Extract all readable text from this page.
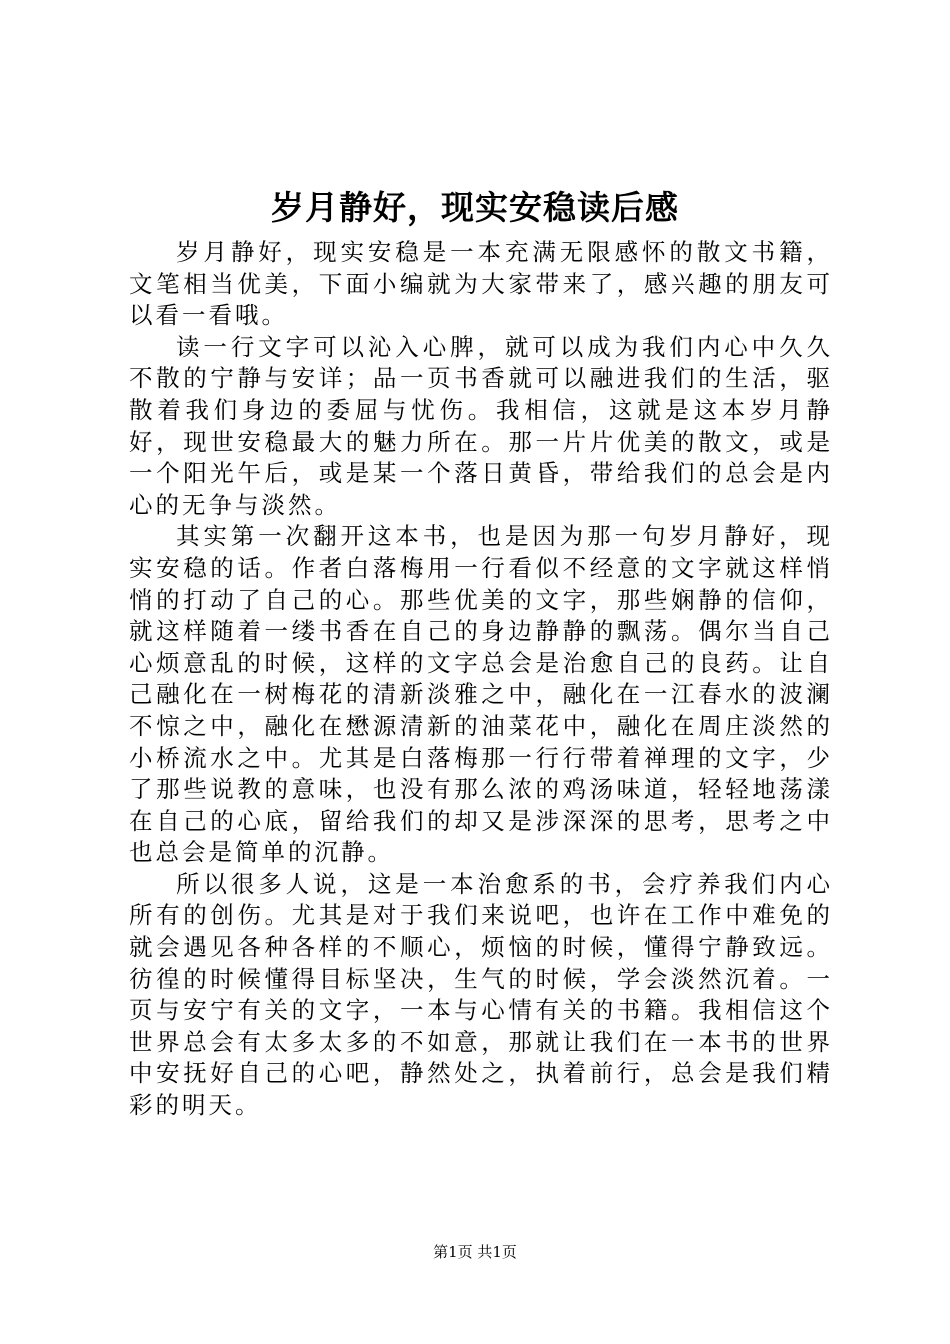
岁月静好，现实安稳读后感

岁月静好，现实安稳是一本充满无限感怀的散文书籍，文笔相当优美，下面小编就为大家带来了，感兴趣的朋友可以看一看哦。

读一行文字可以沁入心脾，就可以成为我们内心中久久不散的宁静与安详；品一页书香就可以融进我们的生活，驱散着我们身边的委屈与忧伤。我相信，这就是这本岁月静好，现世安稳最大的魅力所在。那一片片优美的散文，或是一个阳光午后，或是某一个落日黄昏，带给我们的总会是内心的无争与淡然。

其实第一次翻开这本书，也是因为那一句岁月静好，现实安稳的话。作者白落梅用一行看似不经意的文字就这样悄悄的打动了自己的心。那些优美的文字，那些娴静的信仰，就这样随着一缕书香在自己的身边静静的飘荡。偶尔当自己心烦意乱的时候，这样的文字总会是治愈自己的良药。让自己融化在一树梅花的清新淡雅之中，融化在一江春水的波澜不惊之中，融化在懋源清新的油菜花中，融化在周庄淡然的小桥流水之中。尤其是白落梅那一行行带着禅理的文字，少了那些说教的意味，也没有那么浓的鸡汤味道，轻轻地荡漾在自己的心底，留给我们的却又是涉深深的思考，思考之中也总会是简单的沉静。

所以很多人说，这是一本治愈系的书，会疗养我们内心所有的创伤。尤其是对于我们来说吧，也许在工作中难免的就会遇见各种各样的不顺心，烦恼的时候，懂得宁静致远。彷徨的时候懂得目标坚决，生气的时候，学会淡然沉着。一页与安宁有关的文字，一本与心情有关的书籍。我相信这个世界总会有太多太多的不如意，那就让我们在一本书的世界中安抚好自己的心吧，静然处之，执着前行，总会是我们精彩的明天。

第1页 共1页
